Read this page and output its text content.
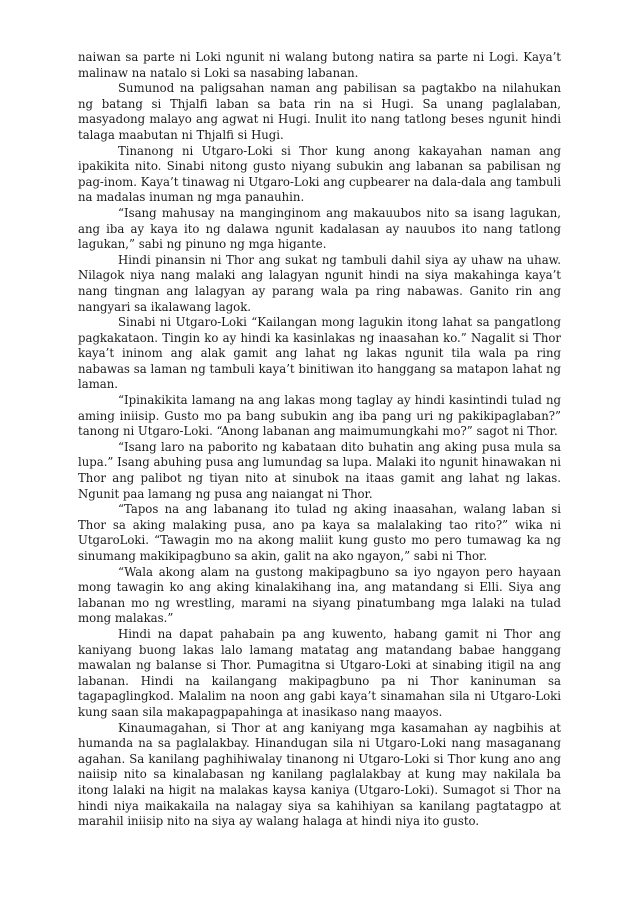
naiwan sa parte ni Loki ngunit ni walang butong natira sa parte ni Logi. Kaya’t malinaw na natalo si Loki sa nasabing labanan.

Sumunod na paligsahan naman ang pabilisan sa pagtakbo na nilahukan ng batang si Thjalfi laban sa bata rin na si Hugi. Sa unang paglalaban, masyadong malayo ang agwat ni Hugi. Inulit ito nang tatlong beses ngunit hindi talaga maabutan ni Thjalfi si Hugi.

Tinanong ni Utgaro-Loki si Thor kung anong kakayahan naman ang ipakikita nito. Sinabi nitong gusto niyang subukin ang labanan sa pabilisan ng pag-inom. Kaya’t tinawag ni Utgaro-Loki ang cupbearer na dala-dala ang tambuli na madalas inuman ng mga panauhin.

“Isang mahusay na manginginom ang makauubos nito sa isang lagukan, ang iba ay kaya ito ng dalawa ngunit kadalasan ay nauubos ito nang tatlong lagukan,” sabi ng pinuno ng mga higante.

Hindi pinansin ni Thor ang sukat ng tambuli dahil siya ay uhaw na uhaw. Nilagok niya nang malaki ang lalagyan ngunit hindi na siya makahinga kaya’t nang tingnan ang lalagyan ay parang wala pa ring nabawas. Ganito rin ang nangyari sa ikalawang lagok.

Sinabi ni Utgaro-Loki “Kailangan mong lagukin itong lahat sa pangatlong pagkakataon. Tingin ko ay hindi ka kasinlakas ng inaasahan ko.” Nagalit si Thor kaya’t ininom ang alak gamit ang lahat ng lakas ngunit tila wala pa ring nabawas sa laman ng tambuli kaya’t binitiwan ito hanggang sa matapon lahat ng laman.

“Ipinakikita lamang na ang lakas mong taglay ay hindi kasintindi tulad ng aming iniisip. Gusto mo pa bang subukin ang iba pang uri ng pakikipaglaban?” tanong ni Utgaro-Loki. “Anong labanan ang maimumungkahi mo?” sagot ni Thor.

“Isang laro na paborito ng kabataan dito buhatin ang aking pusa mula sa lupa.” Isang abuhing pusa ang lumundag sa lupa. Malaki ito ngunit hinawakan ni Thor ang palibot ng tiyan nito at sinubok na itaas gamit ang lahat ng lakas. Ngunit paa lamang ng pusa ang naiangat ni Thor.

“Tapos na ang labanang ito tulad ng aking inaasahan, walang laban si Thor sa aking malaking pusa, ano pa kaya sa malalaking tao rito?” wika ni UtgaroLoki. “Tawagin mo na akong maliit kung gusto mo pero tumawag ka ng sinumang makikipagbuno sa akin, galit na ako ngayon,” sabi ni Thor.

“Wala akong alam na gustong makipagbuno sa iyo ngayon pero hayaan mong tawagin ko ang aking kinalakihang ina, ang matandang si Elli. Siya ang labanan mo ng wrestling, marami na siyang pinatumbang mga lalaki na tulad mong malakas.”

Hindi na dapat pahabain pa ang kuwento, habang gamit ni Thor ang kaniyang buong lakas lalo lamang matatag ang matandang babae hanggang mawalan ng balanse si Thor. Pumagitna si Utgaro-Loki at sinabing itigil na ang labanan. Hindi na kailangang makipagbuno pa ni Thor kaninuman sa tagapaglingkod. Malalim na noon ang gabi kaya’t sinamahan sila ni Utgaro-Loki kung saan sila makapagpapahinga at inasikaso nang maayos.

Kinaumagahan, si Thor at ang kaniyang mga kasamahan ay nagbihis at humanda na sa paglalakbay. Hinandugan sila ni Utgaro-Loki nang masaganang agahan. Sa kanilang paghihiwalay tinanong ni Utgaro-Loki si Thor kung ano ang naiisip nito sa kinalabasan ng kanilang paglalakbay at kung may nakilala ba itong lalaki na higit na malakas kaysa kaniya (Utgaro-Loki). Sumagot si Thor na hindi niya maikakaila na nalagay siya sa kahihiyan sa kanilang pagtatagpo at marahil iniisip nito na siya ay walang halaga at hindi niya ito gusto.
